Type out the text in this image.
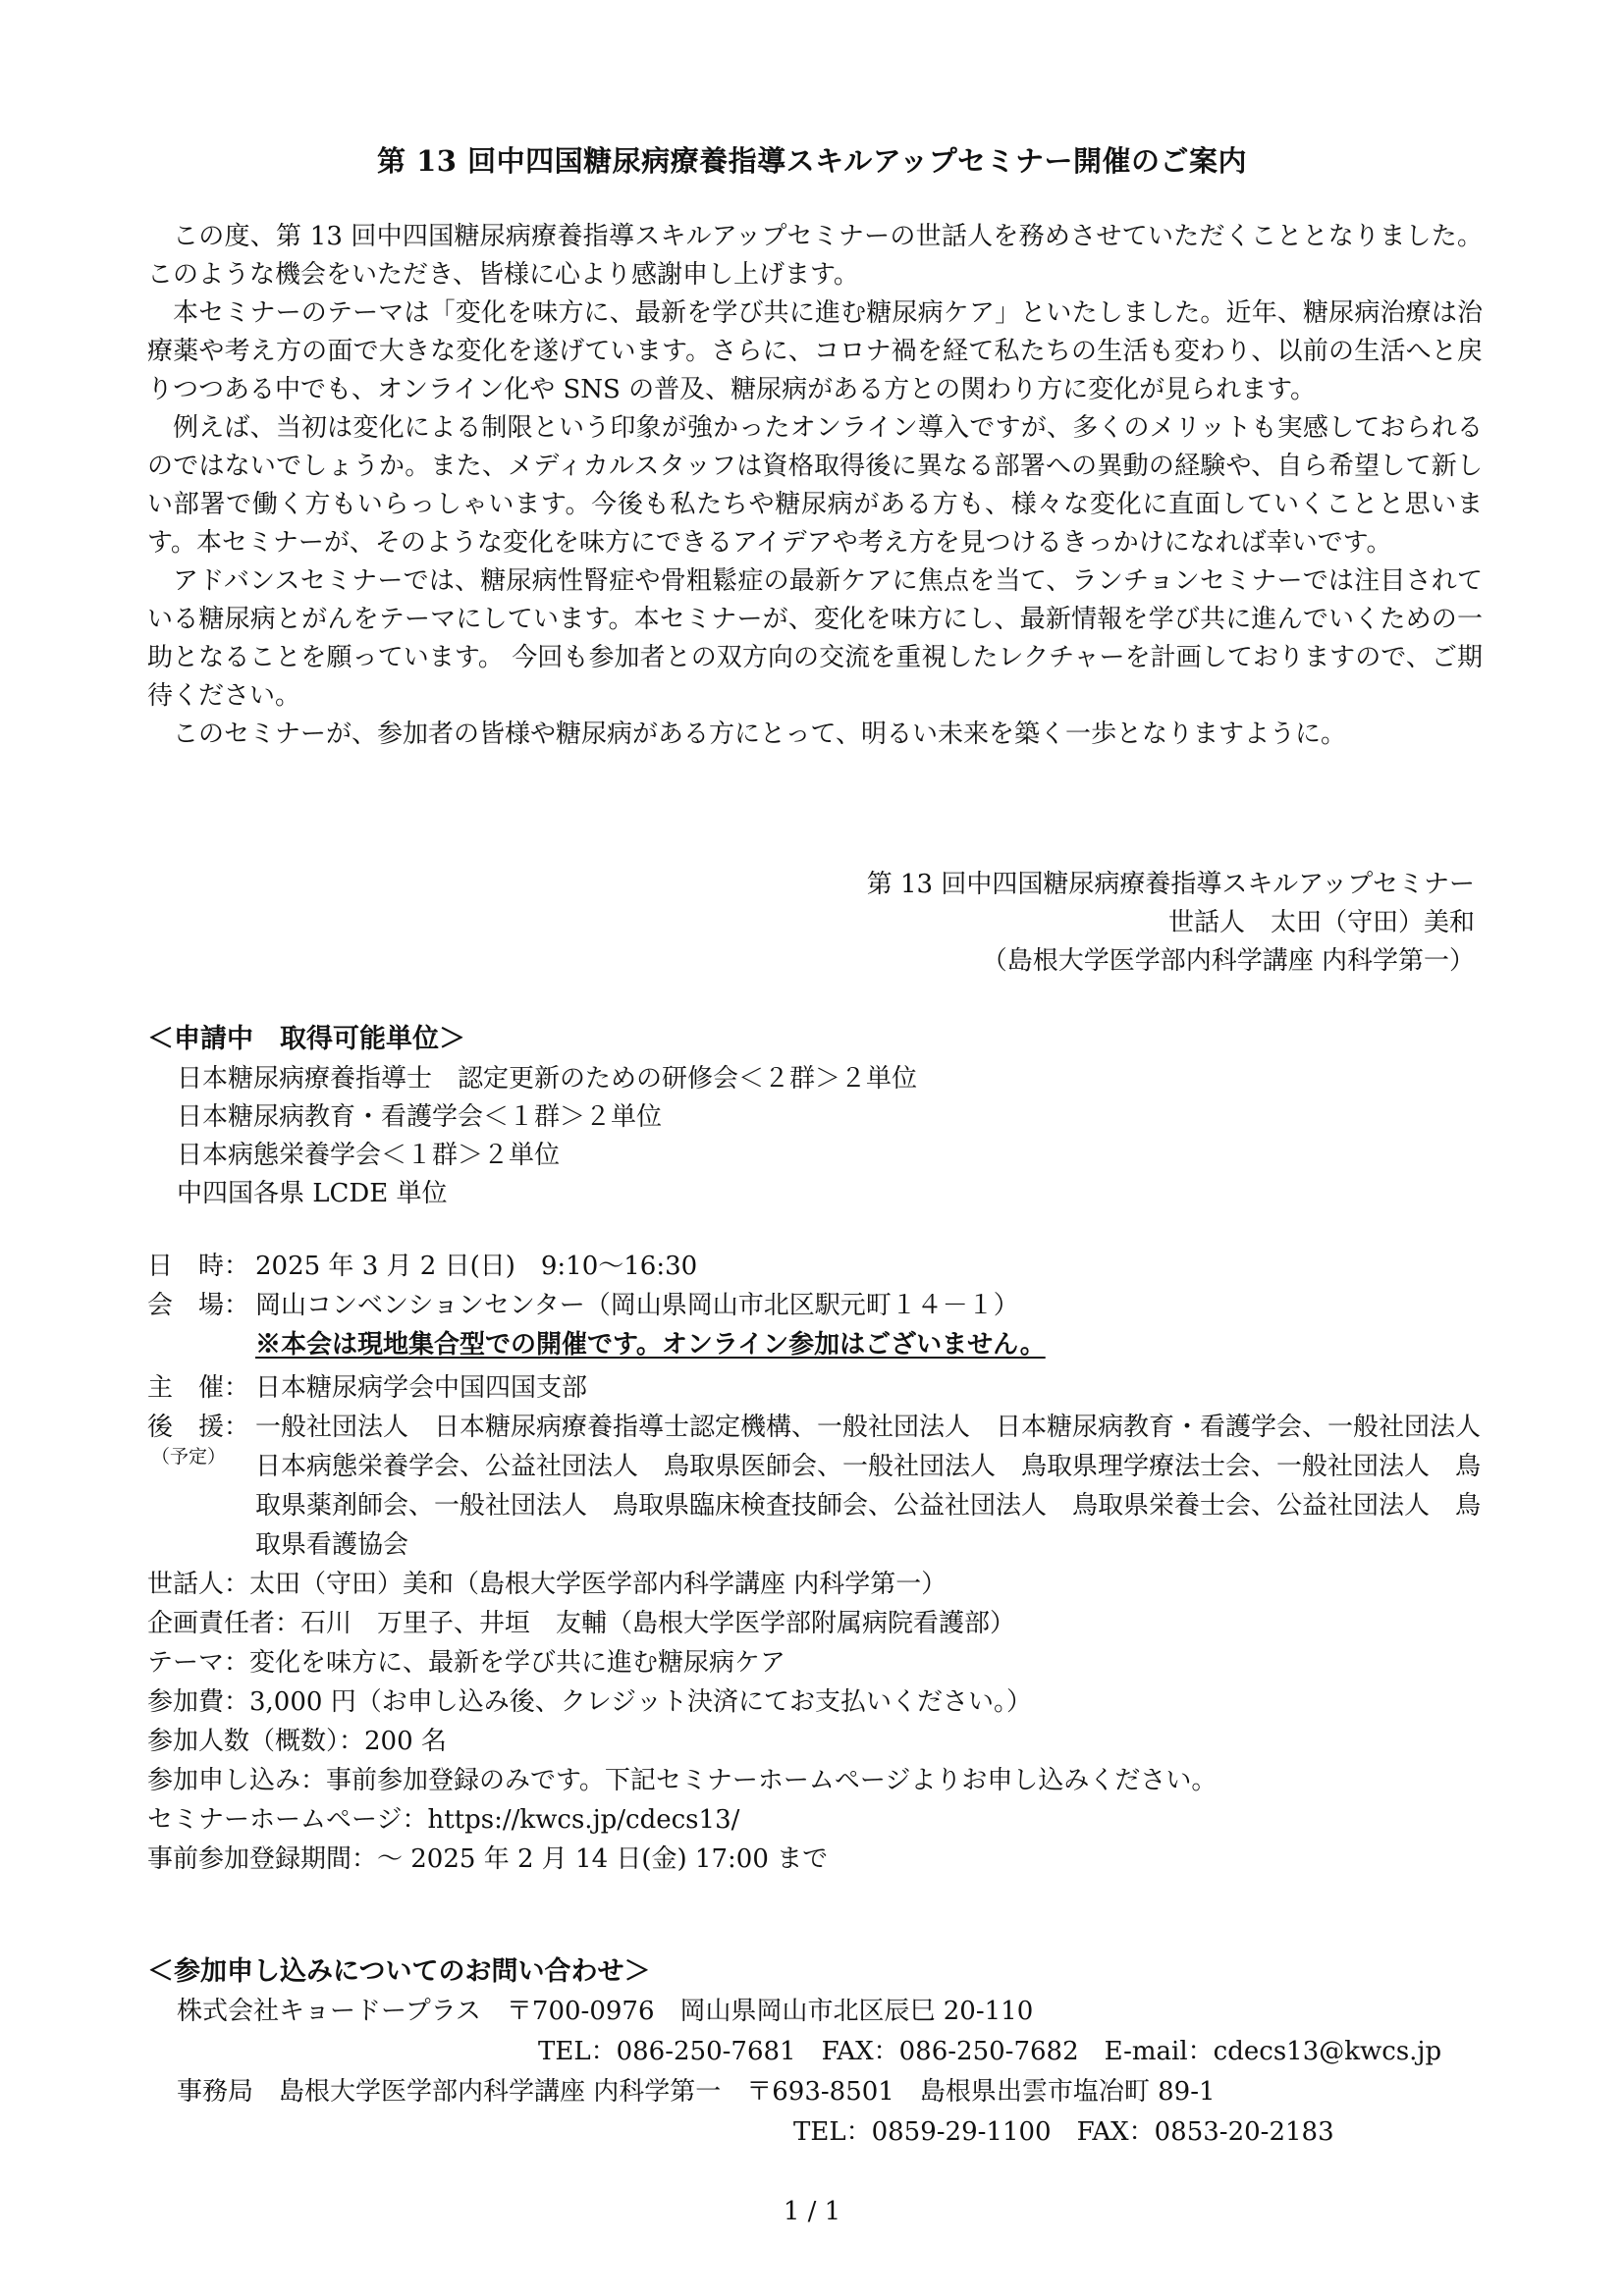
第 13 回中四国糖尿病療養指導スキルアップセミナー開催のご案内

この度、第 13 回中四国糖尿病療養指導スキルアップセミナーの世話人を務めさせていただくこととなりました。このような機会をいただき、皆様に心より感謝申し上げます。

本セミナーのテーマは「変化を味方に、最新を学び共に進む糖尿病ケア」といたしました。近年、糖尿病治療は治療薬や考え方の面で大きな変化を遂げています。さらに、コロナ禍を経て私たちの生活も変わり、以前の生活へと戻りつつある中でも、オンライン化や SNS の普及、糖尿病がある方との関わり方に変化が見られます。

例えば、当初は変化による制限という印象が強かったオンライン導入ですが、多くのメリットも実感しておられるのではないでしょうか。また、メディカルスタッフは資格取得後に異なる部署への異動の経験や、自ら希望して新しい部署で働く方もいらっしゃいます。今後も私たちや糖尿病がある方も、様々な変化に直面していくことと思います。本セミナーが、そのような変化を味方にできるアイデアや考え方を見つけるきっかけになれば幸いです。

アドバンスセミナーでは、糖尿病性腎症や骨粗鬆症の最新ケアに焦点を当て、ランチョンセミナーでは注目されている糖尿病とがんをテーマにしています。本セミナーが、変化を味方にし、最新情報を学び共に進んでいくための一助となることを願っています。 今回も参加者との双方向の交流を重視したレクチャーを計画しておりますので、ご期待ください。

このセミナーが、参加者の皆様や糖尿病がある方にとって、明るい未来を築く一歩となりますように。

第 13 回中四国糖尿病療養指導スキルアップセミナー
世話人　太田（守田）美和
（島根大学医学部内科学講座 内科学第一）
＜申請中　取得可能単位＞
日本糖尿病療養指導士　認定更新のための研修会＜２群＞２単位
日本糖尿病教育・看護学会＜１群＞２単位
日本病態栄養学会＜１群＞２単位
中四国各県 LCDE 単位
日　時： 2025 年 3 月 2 日(日)　9:10～16:30
会　場： 岡山コンベンションセンター（岡山県岡山市北区駅元町１４－１）
※本会は現地集合型での開催です。オンライン参加はございません。
主　催： 日本糖尿病学会中国四国支部
後　援：
（予定）
一般社団法人　日本糖尿病療養指導士認定機構、一般社団法人　日本糖尿病教育・看護学会、一般社団法人　日本病態栄養学会、公益社団法人　鳥取県医師会、一般社団法人　鳥取県理学療法士会、一般社団法人　鳥取県薬剤師会、一般社団法人　鳥取県臨床検査技師会、公益社団法人　鳥取県栄養士会、公益社団法人　鳥取県看護協会
世話人：太田（守田）美和（島根大学医学部内科学講座 内科学第一）
企画責任者：石川　万里子、井垣　友輔（島根大学医学部附属病院看護部）
テーマ：変化を味方に、最新を学び共に進む糖尿病ケア
参加費：3,000 円（お申し込み後、クレジット決済にてお支払いください。）
参加人数（概数）：200 名
参加申し込み：事前参加登録のみです。下記セミナーホームページよりお申し込みください。
セミナーホームページ：https://kwcs.jp/cdecs13/
事前参加登録期間：～ 2025 年 2 月 14 日(金) 17:00 まで
＜参加申し込みについてのお問い合わせ＞
株式会社キョードープラス　〒700-0976　岡山県岡山市北区辰巳 20-110
TEL：086-250-7681　FAX：086-250-7682　E-mail：cdecs13@kwcs.jp
事務局　島根大学医学部内科学講座 内科学第一　〒693-8501　島根県出雲市塩冶町 89-1
TEL：0859-29-1100　FAX：0853-20-2183
1 / 1
